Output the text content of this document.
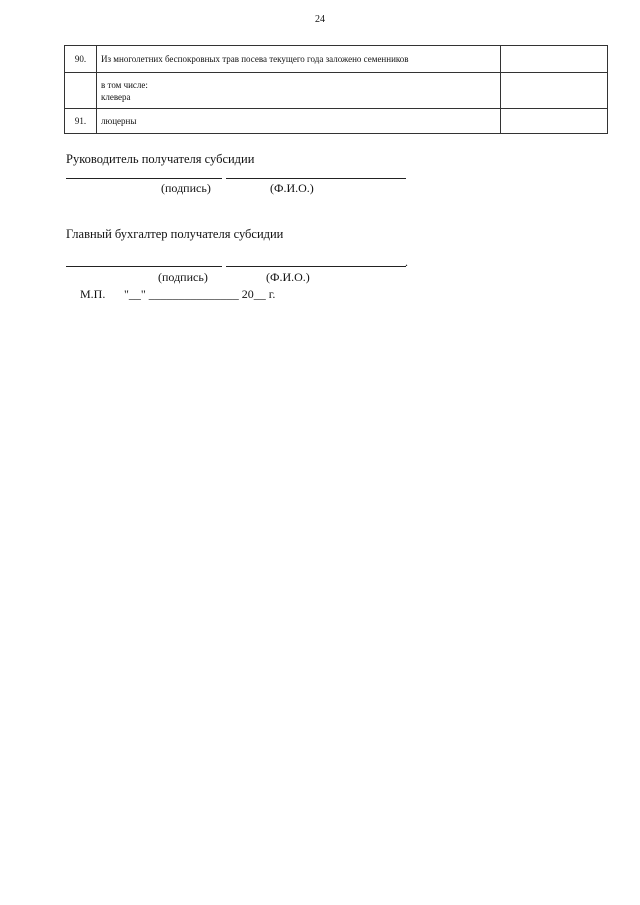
24
90.	Из многолетних беспокровных трав посева текущего года заложено семенников	

	в том числе:
клевера	

91.	люцерны	

Руководитель получателя субсидии
(подпись)	(Ф.И.О.)
Главный бухгалтер получателя субсидии
.
(подпись)	(Ф.И.О.)
М.П. "__" _______________ 20__ г.
